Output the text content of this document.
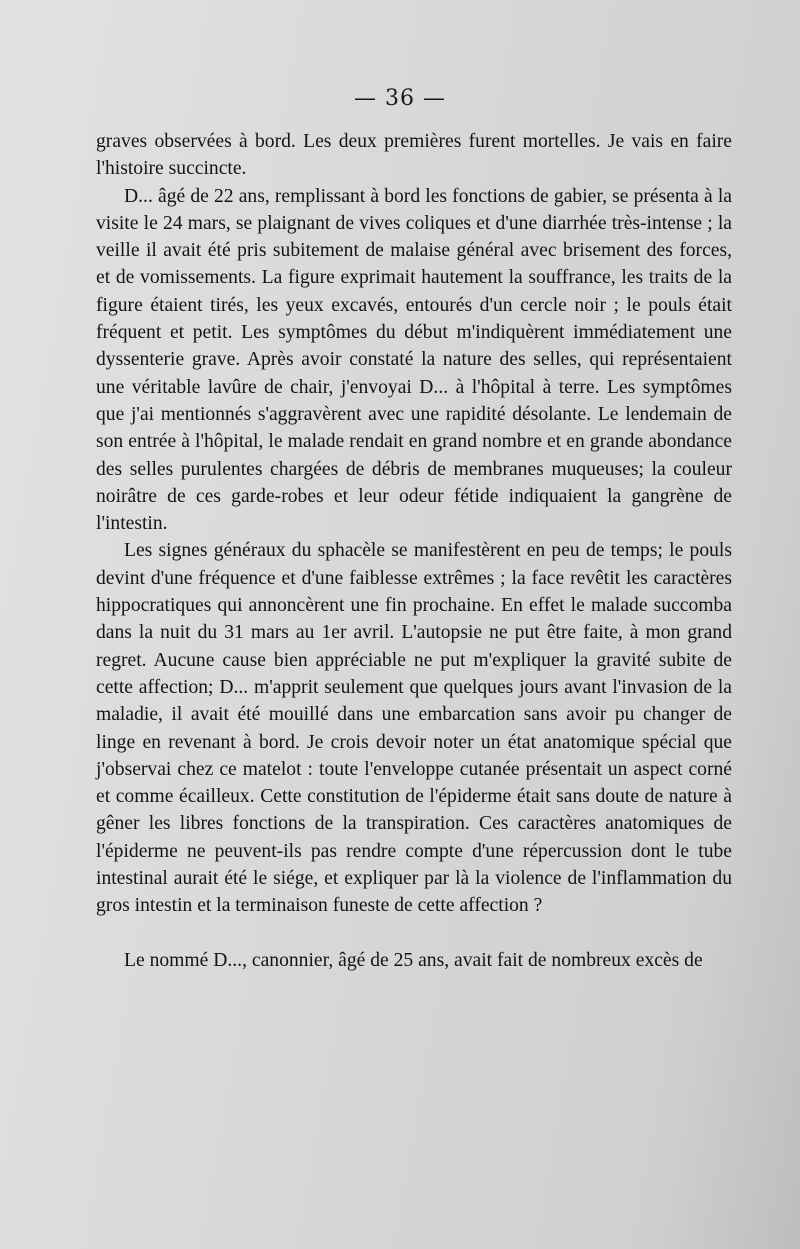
— 36 —

graves observées à bord. Les deux premières furent mortelles. Je vais en faire l'histoire succincte.

D... âgé de 22 ans, remplissant à bord les fonctions de gabier, se présenta à la visite le 24 mars, se plaignant de vives coliques et d'une diarrhée très-intense ; la veille il avait été pris subitement de malaise général avec brisement des forces, et de vomissements. La figure exprimait hautement la souffrance, les traits de la figure étaient tirés, les yeux excavés, entourés d'un cercle noir ; le pouls était fréquent et petit. Les symptômes du début m'indiquèrent immédiatement une dyssenterie grave. Après avoir constaté la nature des selles, qui représentaient une véritable lavûre de chair, j'envoyai D... à l'hôpital à terre. Les symptômes que j'ai mentionnés s'aggravèrent avec une rapidité désolante. Le lendemain de son entrée à l'hôpital, le malade rendait en grand nombre et en grande abondance des selles purulentes chargées de débris de membranes muqueuses; la couleur noirâtre de ces garde-robes et leur odeur fétide indiquaient la gangrène de l'intestin.

Les signes généraux du sphacèle se manifestèrent en peu de temps; le pouls devint d'une fréquence et d'une faiblesse extrêmes ; la face revêtit les caractères hippocratiques qui annoncèrent une fin prochaine. En effet le malade succomba dans la nuit du 31 mars au 1er avril. L'autopsie ne put être faite, à mon grand regret. Aucune cause bien appréciable ne put m'expliquer la gravité subite de cette affection; D... m'apprit seulement que quelques jours avant l'invasion de la maladie, il avait été mouillé dans une embarcation sans avoir pu changer de linge en revenant à bord. Je crois devoir noter un état anatomique spécial que j'observai chez ce matelot : toute l'enveloppe cutanée présentait un aspect corné et comme écailleux. Cette constitution de l'épiderme était sans doute de nature à gêner les libres fonctions de la transpiration. Ces caractères anatomiques de l'épiderme ne peuvent-ils pas rendre compte d'une répercussion dont le tube intestinal aurait été le siége, et expliquer par là la violence de l'inflammation du gros intestin et la terminaison funeste de cette affection ?

Le nommé D..., canonnier, âgé de 25 ans, avait fait de nombreux excès de
